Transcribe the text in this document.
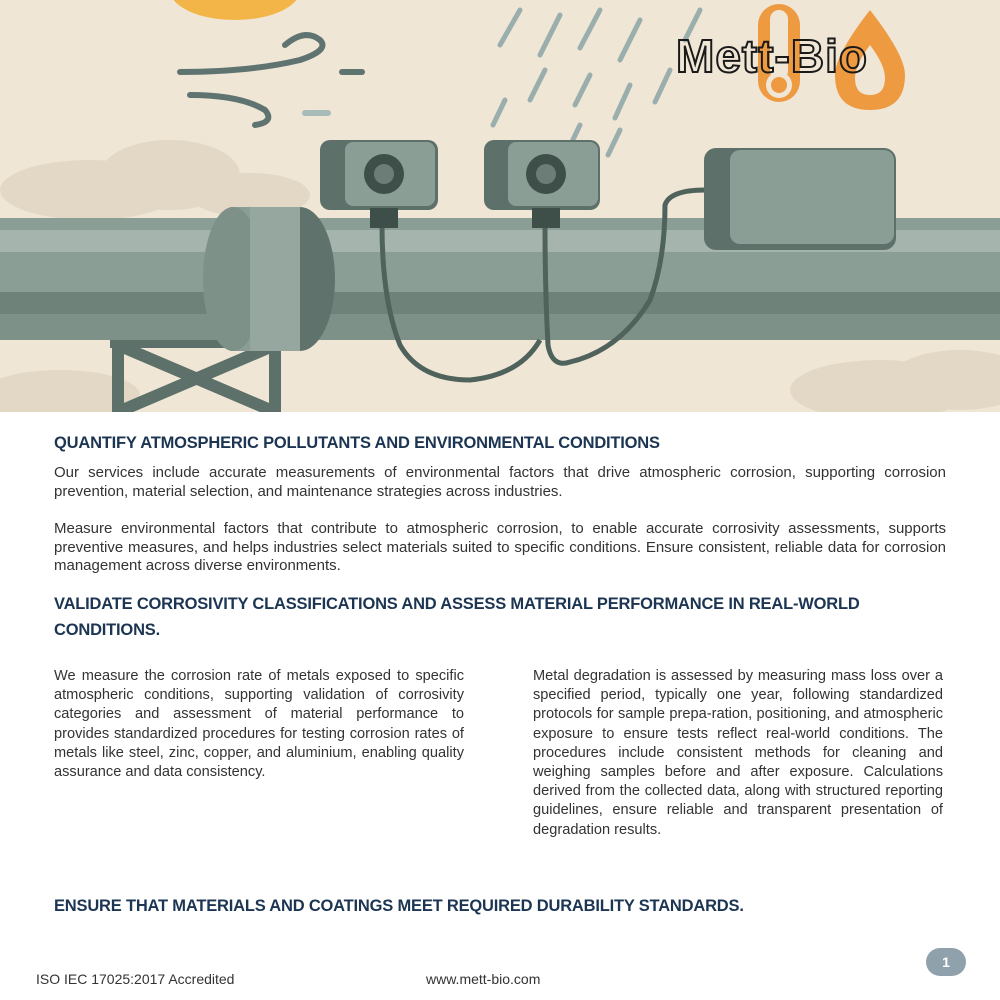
Mett-Bio
QUANTIFY ATMOSPHERIC POLLUTANTS AND ENVIRONMENTAL CONDITIONS

Our services include accurate measurements of environmental factors that drive atmospheric corrosion, supporting corrosion prevention, material selection, and maintenance strategies across industries.

Measure environmental factors that contribute to atmospheric corrosion, to enable accurate corrosivity assessments, supports preventive measures, and helps industries select materials suited to specific conditions. Ensure consistent, reliable data for corrosion management across diverse environments.

VALIDATE CORROSIVITY CLASSIFICATIONS AND ASSESS MATERIAL PERFORMANCE IN REAL-WORLD CONDITIONS.

We measure the corrosion rate of metals exposed to specific atmospheric conditions, supporting validation of corrosivity categories and assessment of material performance to provides standardized procedures for testing corrosion rates of metals like steel, zinc, copper, and aluminium, enabling quality assurance and data consistency.

Metal degradation is assessed by measuring mass loss over a specified period, typically one year, following standardized protocols for sample prepa-ration, positioning, and atmospheric exposure to ensure tests reflect real-world conditions. The procedures include consistent methods for cleaning and weighing samples before and after exposure. Calculations derived from the collected data, along with structured reporting guidelines, ensure reliable and transparent presentation of degradation results.

ENSURE THAT MATERIALS AND COATINGS MEET REQUIRED DURABILITY STANDARDS.
ISO IEC 17025:2017 Accredited	www.mett-bio.com
1
